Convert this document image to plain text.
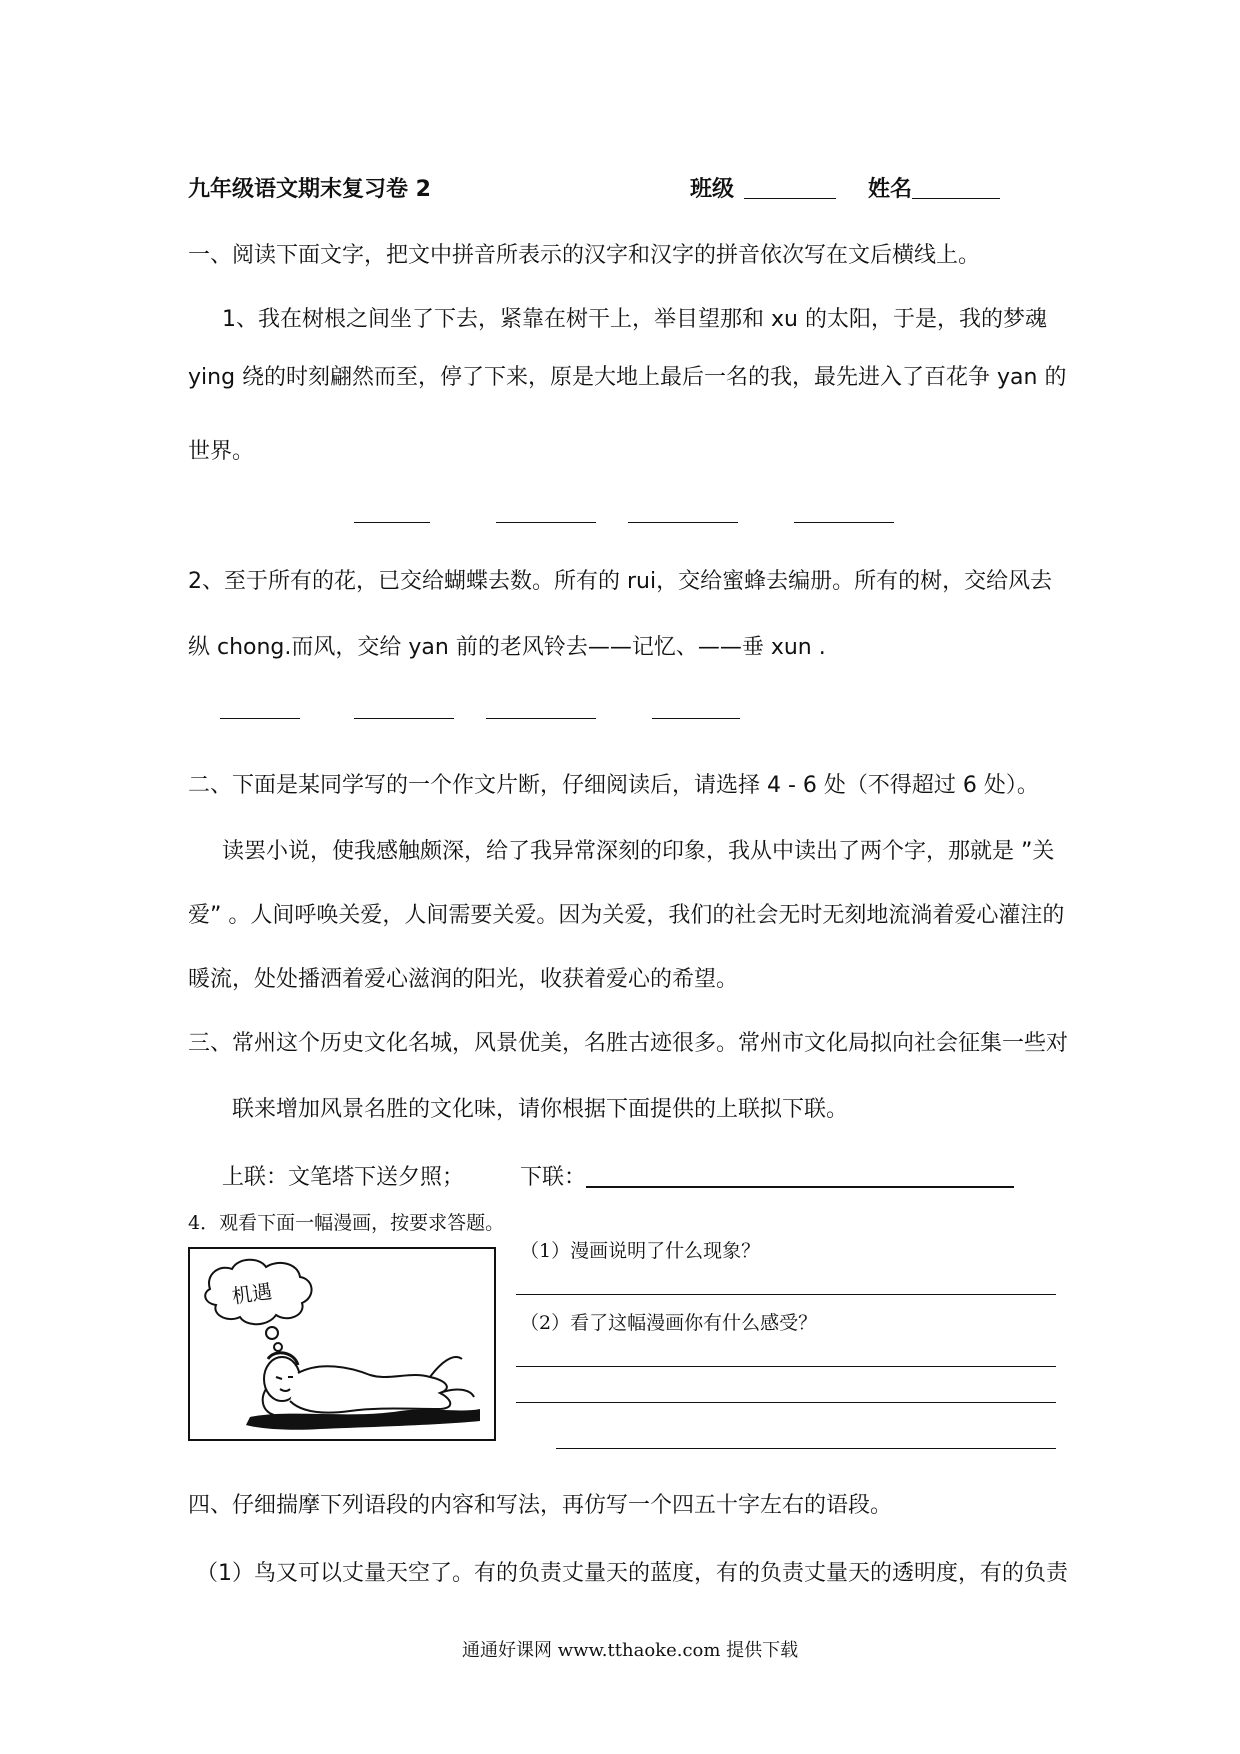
九年级语文期末复习卷 2	班级	姓名
一、阅读下面文字，把文中拼音所表示的汉字和汉字的拼音依次写在文后横线上。
1、我在树根之间坐了下去，紧靠在树干上，举目望那和 xu 的太阳，于是，我的梦魂
ying 绕的时刻翩然而至，停了下来，原是大地上最后一名的我，最先进入了百花争 yan 的
世界。
2、至于所有的花，已交给蝴蝶去数。所有的 rui，交给蜜蜂去编册。所有的树，交给风去
纵 chong.而风，交给 yan 前的老风铃去——记忆、——垂 xun .
二、下面是某同学写的一个作文片断，仔细阅读后，请选择 4 - 6 处（不得超过 6 处）。
读罢小说，使我感触颇深，给了我异常深刻的印象，我从中读出了两个字，那就是 ”关
爱” 。人间呼唤关爱，人间需要关爱。因为关爱，我们的社会无时无刻地流淌着爱心灌注的
暖流，处处播洒着爱心滋润的阳光，收获着爱心的希望。
三、常州这个历史文化名城，风景优美，名胜古迹很多。常州市文化局拟向社会征集一些对
联来增加风景名胜的文化味，请你根据下面提供的上联拟下联。
上联：文笔塔下送夕照；	下联：
4．观看下面一幅漫画，按要求答题。
机遇
（1）漫画说明了什么现象？
（2）看了这幅漫画你有什么感受？
四、仔细揣摩下列语段的内容和写法，再仿写一个四五十字左右的语段。
（1）鸟又可以丈量天空了。有的负责丈量天的蓝度，有的负责丈量天的透明度，有的负责
通通好课网 www.tthaoke.com 提供下载
